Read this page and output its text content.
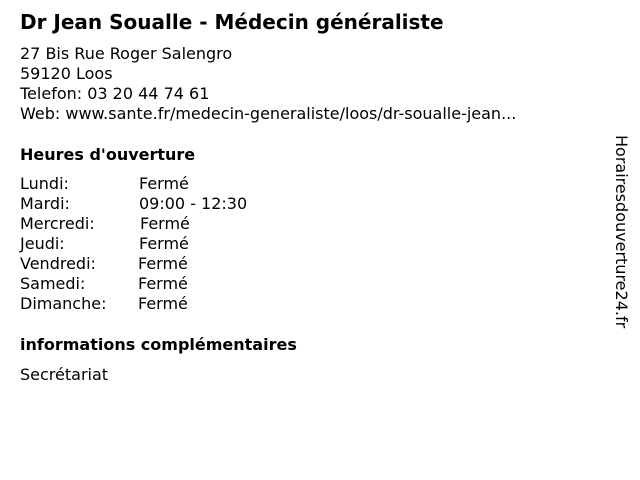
Dr Jean Soualle - Médecin généraliste
27 Bis Rue Roger Salengro
59120 Loos
Telefon: 03 20 44 74 61
Web: www.sante.fr/medecin-generaliste/loos/dr-soualle-jean...
Heures d'ouverture
Lundi:	Fermé
Mardi:	09:00 - 12:30
Mercredi:	Fermé
Jeudi:	Fermé
Vendredi:	Fermé
Samedi:	Fermé
Dimanche: Fermé
informations complémentaires
Secrétariat
Horairesdouverture24.fr
